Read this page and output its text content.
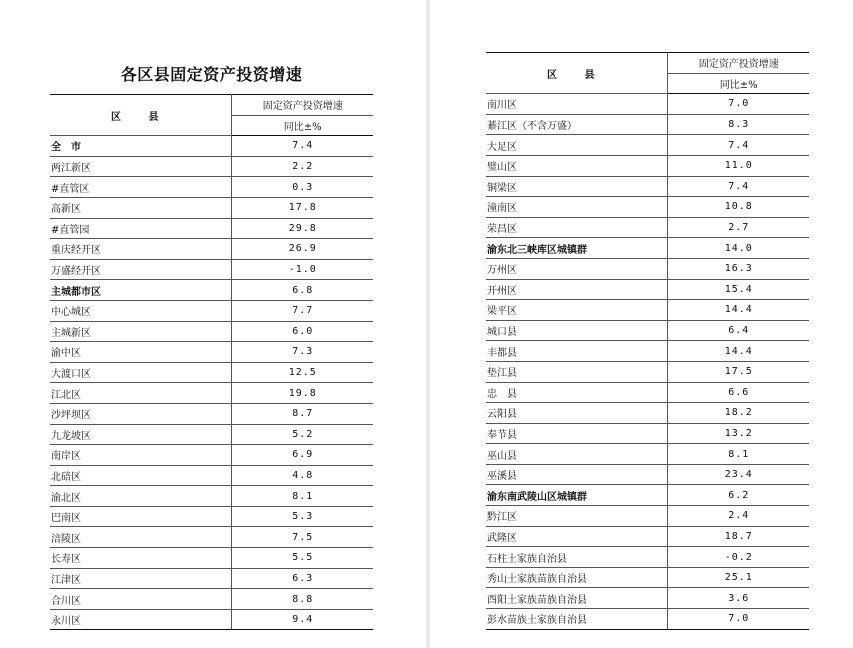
各区县固定资产投资增速
区 县	固定资产投资增速
	同比±%
全　市	7.4
两江新区	2.2
#直管区	0.3
高新区	17.8
#直管园	29.8
重庆经开区	26.9
万盛经开区	-1.0
主城都市区	6.8
中心城区	7.7
主城新区	6.0
渝中区	7.3
大渡口区	12.5
江北区	19.8
沙坪坝区	8.7
九龙坡区	5.2
南岸区	6.9
北碚区	4.8
渝北区	8.1
巴南区	5.3
涪陵区	7.5
长寿区	5.5
江津区	6.3
合川区	8.8
永川区	9.4
区 县	固定资产投资增速
	同比±%
南川区	7.0
綦江区（不含万盛）	8.3
大足区	7.4
璧山区	11.0
铜梁区	7.4
潼南区	10.8
荣昌区	2.7
渝东北三峡库区城镇群	14.0
万州区	16.3
开州区	15.4
梁平区	14.4
城口县	6.4
丰都县	14.4
垫江县	17.5
忠　县	6.6
云阳县	18.2
奉节县	13.2
巫山县	8.1
巫溪县	23.4
渝东南武陵山区城镇群	6.2
黔江区	2.4
武隆区	18.7
石柱土家族自治县	-0.2
秀山土家族苗族自治县	25.1
酉阳土家族苗族自治县	3.6
彭水苗族土家族自治县	7.0
